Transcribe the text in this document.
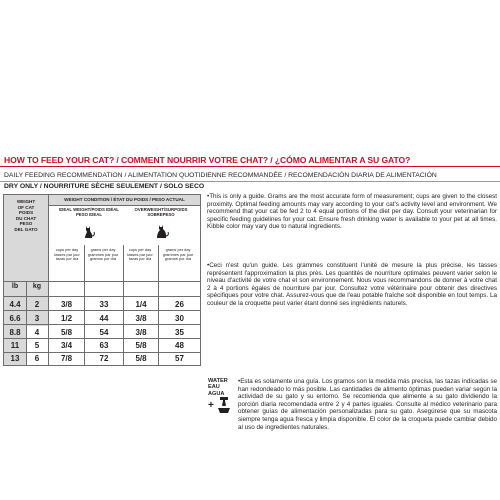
HOW TO FEED YOUR CAT? / COMMENT NOURRIR VOTRE CHAT? / ¿CÓMO ALIMENTAR A SU GATO?
DAILY FEEDING RECOMMENDATION / ALIMENTATION QUOTIDIENNE RECOMMANDÉE / RECOMENDACIÓN DIARIA DE ALIMENTACIÓN
DRY ONLY / NOURRITURE SÈCHE SEULEMENT / SOLO SECO
WEIGHT
OF CAT
POIDS
DU CHAT
PESO
DEL GATO
WEIGHT CONDITION / ÉTAT DU POIDS / PESO ACTUAL
IDEAL WEIGHT/POIDS IDÉAL
PESO IDEAL
OVERWEIGHT/SURPOIDS
SOBREPESO
cups per day
tasses par jour
tazas por día
grams per day
grammes par jour
gramos por día
cups per day
tasses par jour
tazas por día
grams per day
grammes par jour
gramos por día
lb	kg
4.4	2	3/8	33	1/4	26
6.6	3	1/2	44	3/8	30
8.8	4	5/8	54	3/8	35
11	5	3/4	63	5/8	48
13	6	7/8	72	5/8	57
•This is only a guide. Grams are the most accurate form of measurement; cups are given to the closest proximity. Optimal feeding amounts may vary according to your cat's activity level and environment. We recommend that your cat be fed 2 to 4 equal portions of the diet per day. Consult your veterinarian for specific feeding guidelines for your cat. Ensure fresh drinking water is available to your pet at all times. Kibble color may vary due to natural ingredients.
•Ceci n'est qu'un guide. Les grammes constituent l'unité de mesure la plus précise, les tasses représentent l'approximation la plus près. Les quantités de nourriture optimales peuvent varier selon le niveau d'activité de votre chat et son environnement. Nous vous recommandons de donner à votre chat 2 à 4 portions égales de nourriture par jour. Consultez votre vétérinaire pour obtenir des directives spécifiques pour votre chat. Assurez-vous que de l'eau potable fraîche soit disponible en tout temps. La couleur de la croquette peut varier étant donné ses ingrédients naturels.
WATER
EAU
AGUA
+
•Esta es solamente una guía. Los gramos son la medida más precisa, las tazas indicadas se han redondeado lo más posible. Las cantidades de alimento óptimas pueden variar según la actividad de su gato y su entorno. Se recomienda que alimente a su gato dividiendo la porción diaria recomendada entre 2 y 4 partes iguales. Consulte al médico veterinario para obtener guías de alimentación personalizadas para su gato. Asegúrese que su mascota siempre tenga agua fresca y limpia disponible. El color de la croqueta puede cambiar debido al uso de ingredientes naturales.
